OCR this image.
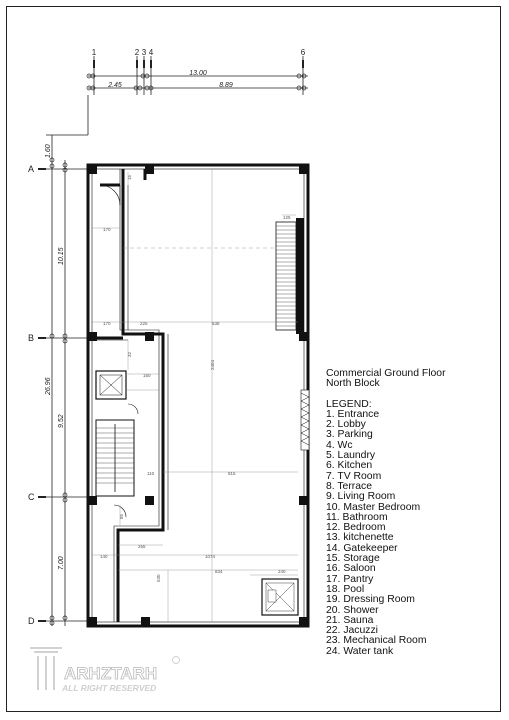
1	2 3 4	6
13.00
2.45	8.89
A
B
C
D
1.60
26.96
10.15
9.52
7.00
170
170	225	638
125
150
110	815
255
140	1074
834	240
530
2404
15
32
85
ARHZTARH
ALL RIGHT RESERVED
Commercial Ground Floor
North Block
LEGEND:
1. Entrance
2. Lobby
3. Parking
4. Wc
5. Laundry
6. Kitchen
7. TV Room
8. Terrace
9. Living Room
10. Master Bedroom
11. Bathroom
12. Bedroom
13. kitchenette
14. Gatekeeper
15. Storage
16. Saloon
17. Pantry
18. Pool
19. Dressing Room
20. Shower
21. Sauna
22. Jacuzzi
23. Mechanical Room
24. Water tank
